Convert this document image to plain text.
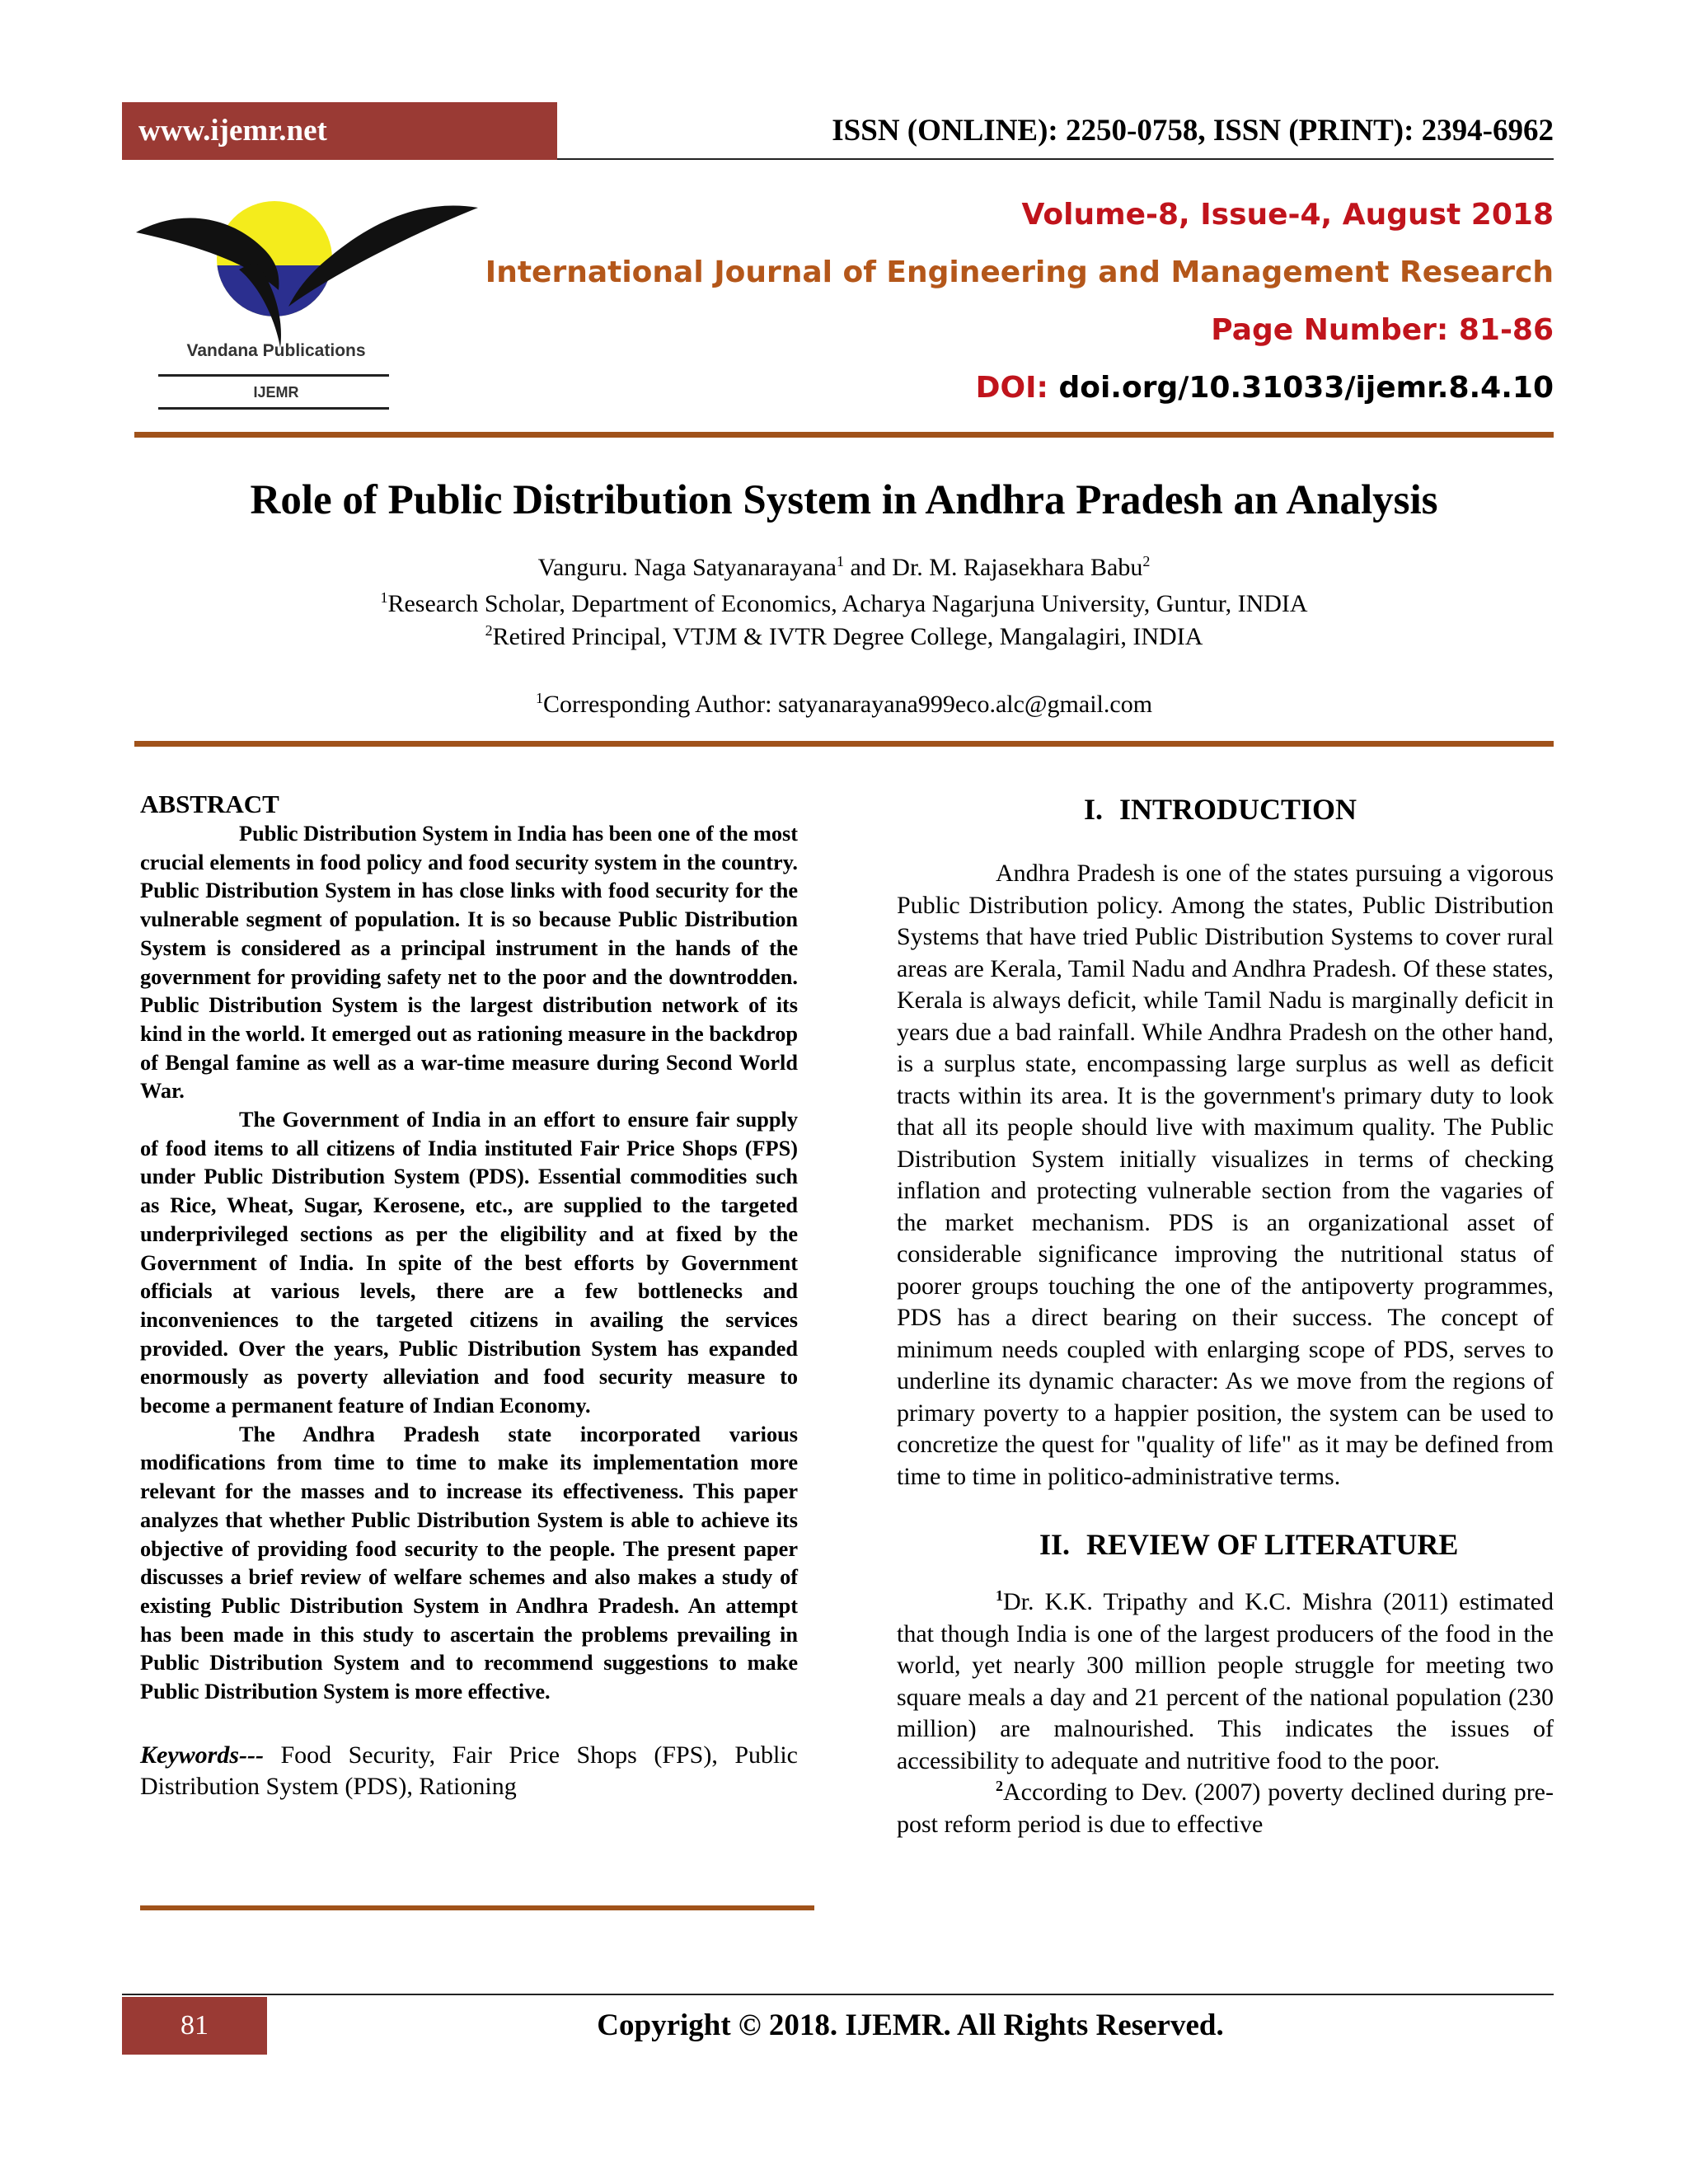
www.ijemr.net	ISSN (ONLINE): 2250-0758, ISSN (PRINT): 2394-6962
Vandana Publications
IJEMR
Volume-8, Issue-4, August 2018
International Journal of Engineering and Management Research
Page Number: 81-86
DOI: doi.org/10.31033/ijemr.8.4.10
Role of Public Distribution System in Andhra Pradesh an Analysis
Vanguru. Naga Satyanarayana$^1$ and Dr. M. Rajasekhara Babu$^2$
$^1$Research Scholar, Department of Economics, Acharya Nagarjuna University, Guntur, INDIA
$^2$Retired Principal, VTJM & IVTR Degree College, Mangalagiri, INDIA
$^1$Corresponding Author: satyanarayana999eco.alc@gmail.com

ABSTRACT

Public Distribution System in India has been one of the most crucial elements in food policy and food security system in the country. Public Distribution System in has close links with food security for the vulnerable segment of population. It is so because Public Distribution System is considered as a principal instrument in the hands of the government for providing safety net to the poor and the downtrodden. Public Distribution System is the largest distribution network of its kind in the world. It emerged out as rationing measure in the backdrop of Bengal famine as well as a war-time measure during Second World War.

The Government of India in an effort to ensure fair supply of food items to all citizens of India instituted Fair Price Shops (FPS) under Public Distribution System (PDS). Essential commodities such as Rice, Wheat, Sugar, Kerosene, etc., are supplied to the targeted underprivileged sections as per the eligibility and at fixed by the Government of India. In spite of the best efforts by Government officials at various levels, there are a few bottlenecks and inconveniences to the targeted citizens in availing the services provided. Over the years, Public Distribution System has expanded enormously as poverty alleviation and food security measure to become a permanent feature of Indian Economy.

The Andhra Pradesh state incorporated various modifications from time to time to make its implementation more relevant for the masses and to increase its effectiveness. This paper analyzes that whether Public Distribution System is able to achieve its objective of providing food security to the people. The present paper discusses a brief review of welfare schemes and also makes a study of existing Public Distribution System in Andhra Pradesh. An attempt has been made in this study to ascertain the problems prevailing in Public Distribution System and to recommend suggestions to make Public Distribution System is more effective.

Keywords--- Food Security, Fair Price Shops (FPS), Public Distribution System (PDS), Rationing

I. INTRODUCTION

Andhra Pradesh is one of the states pursuing a vigorous Public Distribution policy. Among the states, Public Distribution Systems that have tried Public Distribution Systems to cover rural areas are Kerala, Tamil Nadu and Andhra Pradesh. Of these states, Kerala is always deficit, while Tamil Nadu is marginally deficit in years due a bad rainfall. While Andhra Pradesh on the other hand, is a surplus state, encompassing large surplus as well as deficit tracts within its area. It is the government's primary duty to look that all its people should live with maximum quality. The Public Distribution System initially visualizes in terms of checking inflation and protecting vulnerable section from the vagaries of the market mechanism. PDS is an organizational asset of considerable significance improving the nutritional status of poorer groups touching the one of the antipoverty programmes, PDS has a direct bearing on their success. The concept of minimum needs coupled with enlarging scope of PDS, serves to underline its dynamic character: As we move from the regions of primary poverty to a happier position, the system can be used to concretize the quest for "quality of life" as it may be defined from time to time in politico-administrative terms.

II. REVIEW OF LITERATURE

$^1$Dr. K.K. Tripathy and K.C. Mishra (2011) estimated that though India is one of the largest producers of the food in the world, yet nearly 300 million people struggle for meeting two square meals a day and 21 percent of the national population (230 million) are malnourished. This indicates the issues of accessibility to adequate and nutritive food to the poor.

$^2$According to Dev. (2007) poverty declined during pre-post reform period is due to effective

81	Copyright © 2018. IJEMR. All Rights Reserved.
